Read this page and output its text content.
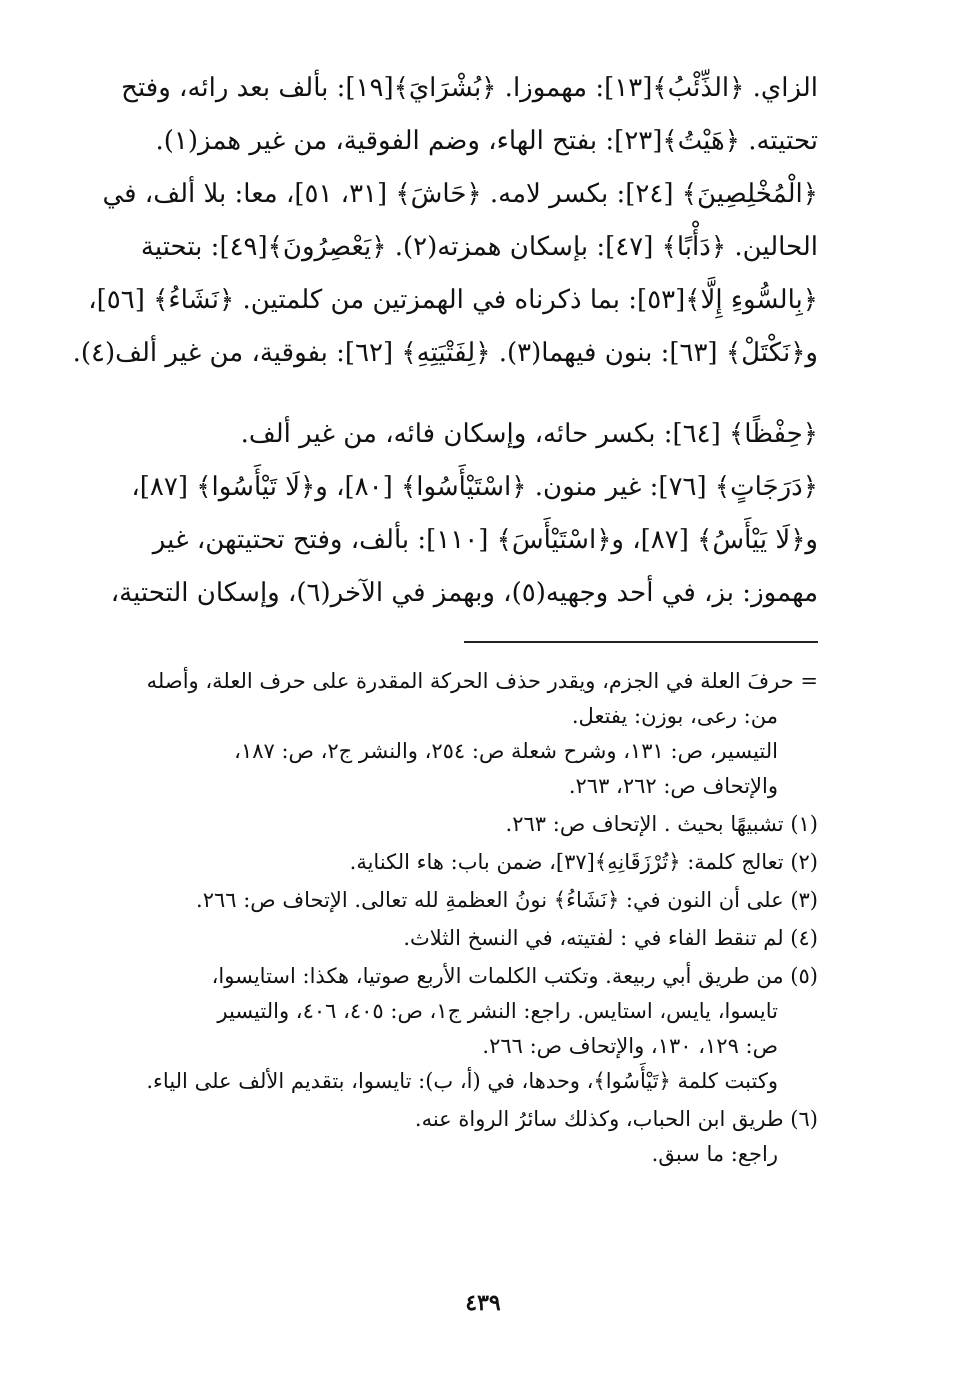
الزاي. ﴿الذِّئْبُ﴾[١٣]: مهموزا. ﴿بُشْرَايَ﴾[١٩]: بألف بعد رائه، وفتح
تحتيته. ﴿هَيْتُ﴾[٢٣]: بفتح الهاء، وضم الفوقية، من غير همز(١).
﴿الْمُخْلِصِينَ﴾ [٢٤]: بكسر لامه. ﴿حَاشَ﴾ [٣١، ٥١]، معا: بلا ألف، في
الحالين. ﴿دَأْبًا﴾ [٤٧]: بإسكان همزته(٢). ﴿يَعْصِرُونَ﴾[٤٩]: بتحتية
﴿بِالسُّوءِ إِلَّا﴾[٥٣]: بما ذكرناه في الهمزتين من كلمتين. ﴿نَشَاءُ﴾ [٥٦]،
و﴿نَكْتَلْ﴾ [٦٣]: بنون فيهما(٣). ﴿لِفَتْيَتِهِ﴾ [٦٢]: بفوقية، من غير ألف(٤).
﴿حِفْظًا﴾ [٦٤]: بكسر حائه، وإسكان فائه، من غير ألف.
﴿دَرَجَاتٍ﴾ [٧٦]: غير منون. ﴿اسْتَيْأَسُوا﴾ [٨٠]، و﴿لَا تَيْأَسُوا﴾ [٨٧]،
و﴿لَا يَيْأَسُ﴾ [٨٧]، و﴿اسْتَيْأَسَ﴾ [١١٠]: بألف، وفتح تحتيتهن، غير
مهموز: بز، في أحد وجهيه(٥)، وبهمز في الآخر(٦)، وإسكان التحتية،
= حرفَ العلة في الجزم، ويقدر حذف الحركة المقدرة على حرف العلة، وأصله
من: رعى، بوزن: يفتعل.
التيسير، ص: ١٣١، وشرح شعلة ص: ٢٥٤، والنشر ج٢، ص: ١٨٧،
والإتحاف ص: ٢٦٢، ٢٦٣.
(١) تشبيهًا بحيث . الإتحاف ص: ٢٦٣.
(٢) تعالج كلمة: ﴿تُرْزَقَانِهِ﴾[٣٧]، ضمن باب: هاء الكناية.
(٣) على أن النون في: ﴿نَشَاءُ﴾ نونُ العظمةِ لله تعالى. الإتحاف ص: ٢٦٦.
(٤) لم تنقط الفاء في : لفتيته، في النسخ الثلاث.
(٥) من طريق أبي ربيعة. وتكتب الكلمات الأربع صوتيا، هكذا: استايسوا،
تايسوا، يايس، استايس. راجع: النشر ج١، ص: ٤٠٥، ٤٠٦، والتيسير
ص: ١٢٩، ١٣٠، والإتحاف ص: ٢٦٦.
وكتبت كلمة ﴿تَيْأَسُوا﴾، وحدها، في (أ، ب): تايسوا، بتقديم الألف على الياء.
(٦) طريق ابن الحباب، وكذلك سائرُ الرواة عنه.
راجع: ما سبق.
٤٣٩
